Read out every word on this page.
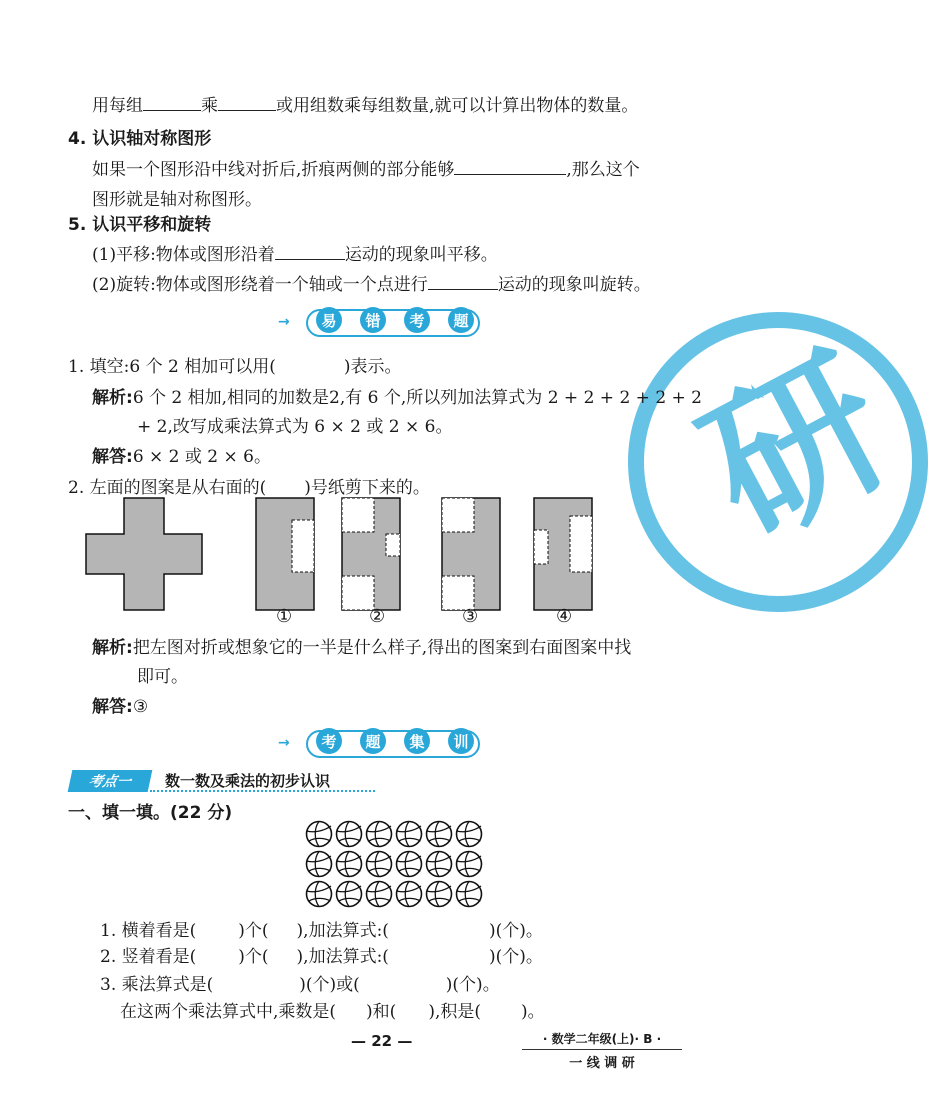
研
用每组	乘	或用组数乘每组数量,就可以计算出物体的数量。
4. 认识轴对称图形
如果一个图形沿中线对折后,折痕两侧的部分能够	,那么这个
图形就是轴对称图形。
5. 认识平移和旋转
(1)平移:物体或图形沿着	运动的现象叫平移。
(2)旋转:物体或图形绕着一个轴或一个点进行	运动的现象叫旋转。
→	易	错	考	题
1. 填空:6 个 2 相加可以用(	)表示。
解析:6 个 2 相加,相同的加数是2,有 6 个,所以列加法算式为 2 + 2 + 2 + 2 + 2
+ 2,改写成乘法算式为 6 × 2 或 2 × 6。
解答:6 × 2 或 2 × 6。
2. 左面的图案是从右面的( )号纸剪下来的。
①	②	③	④
解析:把左图对折或想象它的一半是什么样子,得出的图案到右面图案中找
即可。
解答:③
→	考	题	集	训
考点一	数一数及乘法的初步认识
一、填一填。(22 分)
1. 横着看是( )个( ),加法算式:(	)(个)。
2. 竖着看是( )个( ),加法算式:(	)(个)。
3. 乘法算式是(	)(个)或(	)(个)。
在这两个乘法算式中,乘数是( )和( ),积是( )。
— 22 —	· 数学二年级(上)· B ·
一 线 调 研
